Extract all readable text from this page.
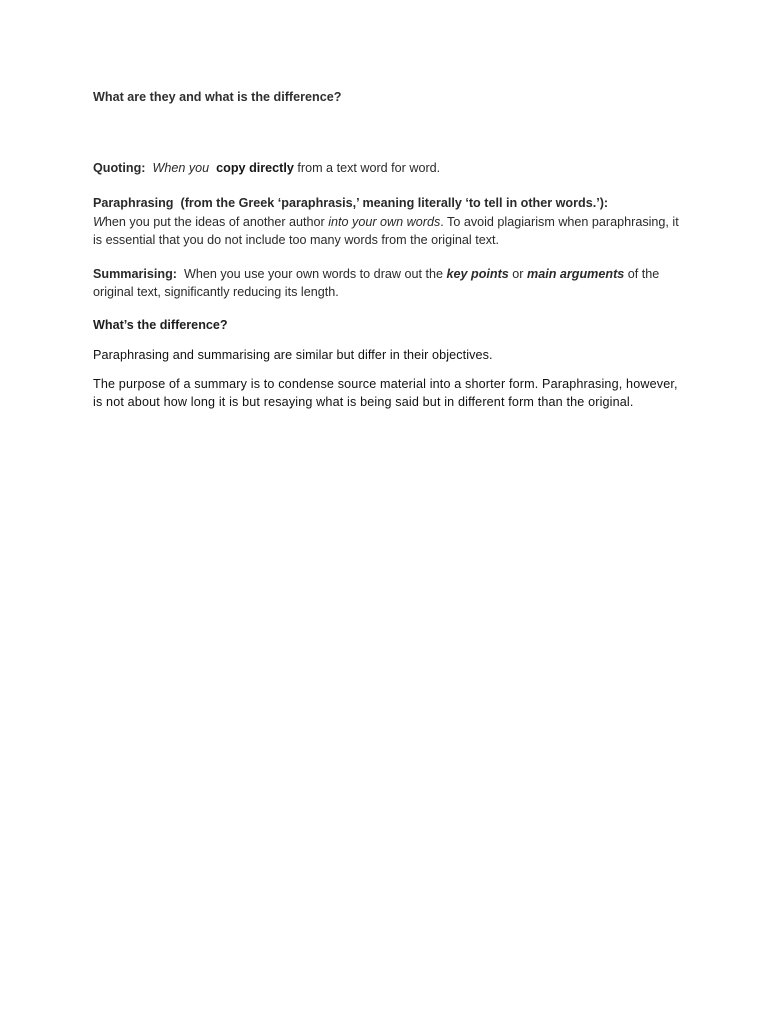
What are they and what is the difference?

Quoting: When you copy directly from a text word for word.

Paraphrasing (from the Greek ‘paraphrasis,’ meaning literally ‘to tell in other words.’):
When you put the ideas of another author into your own words. To avoid plagiarism when paraphrasing, it is essential that you do not include too many words from the original text.

Summarising: When you use your own words to draw out the key points or main arguments of the original text, significantly reducing its length.

What’s the difference?

Paraphrasing and summarising are similar but differ in their objectives.

The purpose of a summary is to condense source material into a shorter form. Paraphrasing, however, is not about how long it is but resaying what is being said but in different form than the original.
